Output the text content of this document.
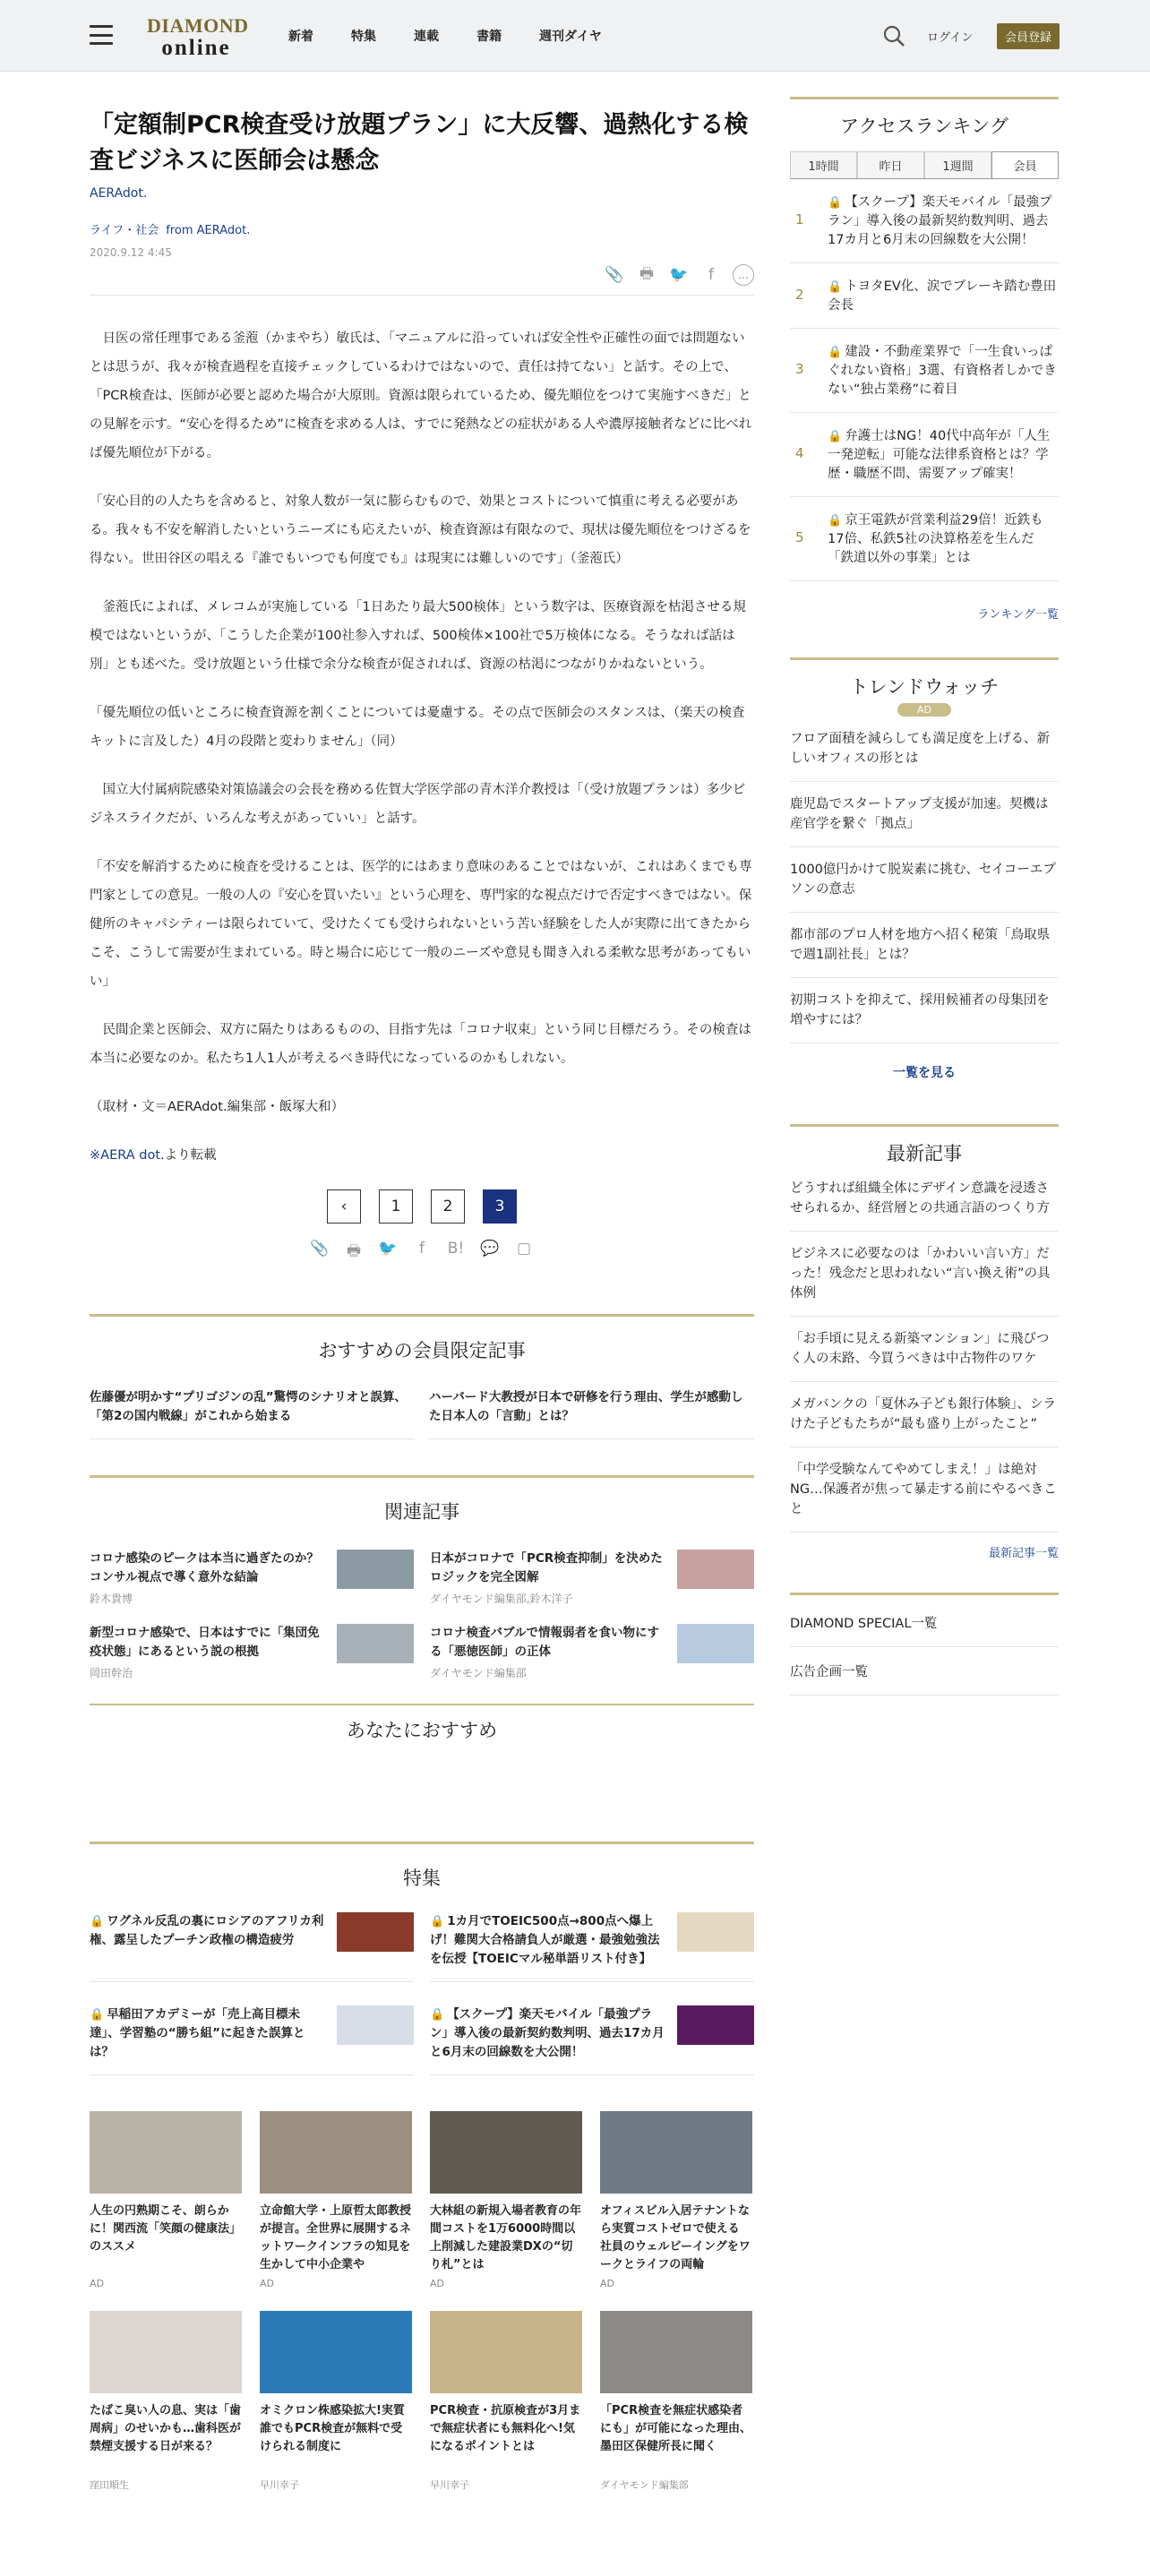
DIAMOND
online	新着	特集	連載	書籍	週刊ダイヤ	ログイン	会員登録
「定額制PCR検査受け放題プラン」に大反響、過熱化する検査ビジネスに医師会は懸念
AERAdot.
ライフ・社会 from AERAdot.
2020.9.12 4:45
📎 🖶 🐦	f	…

日医の常任理事である釜萢（かまやち）敏氏は、「マニュアルに沿っていれば安全性や正確性の面では問題ないとは思うが、我々が検査過程を直接チェックしているわけではないので、責任は持てない」と話す。その上で、「PCR検査は、医師が必要と認めた場合が大原則。資源は限られているため、優先順位をつけて実施すべきだ」との見解を示す。“安心を得るため”に検査を求める人は、すでに発熱などの症状がある人や濃厚接触者などに比べれば優先順位が下がる。

「安心目的の人たちを含めると、対象人数が一気に膨らむもので、効果とコストについて慎重に考える必要がある。我々も不安を解消したいというニーズにも応えたいが、検査資源は有限なので、現状は優先順位をつけざるを得ない。世田谷区の唱える『誰でもいつでも何度でも』は現実には難しいのです」（釜萢氏）

釜萢氏によれば、メレコムが実施している「1日あたり最大500検体」という数字は、医療資源を枯渇させる規模ではないというが、「こうした企業が100社参入すれば、500検体×100社で5万検体になる。そうなれば話は別」とも述べた。受け放題という仕様で余分な検査が促されれば、資源の枯渇につながりかねないという。

「優先順位の低いところに検査資源を割くことについては憂慮する。その点で医師会のスタンスは、（楽天の検査キットに言及した）4月の段階と変わりません」（同）

国立大付属病院感染対策協議会の会長を務める佐賀大学医学部の青木洋介教授は「（受け放題プランは）多少ビジネスライクだが、いろんな考えがあっていい」と話す。

「不安を解消するために検査を受けることは、医学的にはあまり意味のあることではないが、これはあくまでも専門家としての意見。一般の人の『安心を買いたい』という心理を、専門家的な視点だけで否定すべきではない。保健所のキャパシティーは限られていて、受けたくても受けられないという苦い経験をした人が実際に出てきたからこそ、こうして需要が生まれている。時と場合に応じて一般のニーズや意見も聞き入れる柔軟な思考があってもいい」

民間企業と医師会、双方に隔たりはあるものの、目指す先は「コロナ収束」という同じ目標だろう。その検査は本当に必要なのか。私たち1人1人が考えるべき時代になっているのかもしれない。

（取材・文＝AERAdot.編集部・飯塚大和）

※AERA dot.より転載

‹	1	2	3
📎 🖶 🐦	f	B! 💬 ▢
おすすめの会員限定記事
佐藤優が明かす“プリゴジンの乱”驚愕のシナリオと誤算、「第2の国内戦線」がこれから始まる
ハーバード大教授が日本で研修を行う理由、学生が感動した日本人の「言動」とは？
関連記事
コロナ感染のピークは本当に過ぎたのか？コンサル視点で導く意外な結論
鈴木貴博
日本がコロナで「PCR検査抑制」を決めたロジックを完全図解
ダイヤモンド編集部,鈴木洋子
新型コロナ感染で、日本はすでに「集団免疫状態」にあるという説の根拠
岡田幹治
コロナ検査バブルで情報弱者を食い物にする「悪徳医師」の正体
ダイヤモンド編集部
あなたにおすすめ
特集
🔒 ワグネル反乱の裏にロシアのアフリカ利権、露呈したプーチン政権の構造疲労
🔒 1カ月でTOEIC500点→800点へ爆上げ！難関大合格請負人が厳選・最強勉強法を伝授【TOEICマル秘単語リスト付き】
🔒 早稲田アカデミーが「売上高目標未達」、学習塾の“勝ち組”に起きた誤算とは？
🔒 【スクープ】楽天モバイル「最強プラン」導入後の最新契約数判明、過去17カ月と6月末の回線数を大公開！
人生の円熟期こそ、朗らかに！関西流「笑顔の健康法」のススメ
AD
立命館大学・上原哲太郎教授が提言。全世界に展開するネットワークインフラの知見を生かして中小企業や
AD
大林組の新規入場者教育の年間コストを1万6000時間以上削減した建設業DXの“切り札”とは
AD
オフィスビル入居テナントなら実質コストゼロで使える 社員のウェルビーイングをワークとライフの両輪
AD
たばこ臭い人の息、実は「歯周病」のせいかも…歯科医が禁煙支援する日が来る？
窪田順生
オミクロン株感染拡大!実質誰でもPCR検査が無料で受けられる制度に
早川幸子
PCR検査・抗原検査が3月まで無症状者にも無料化へ!気になるポイントとは
早川幸子
「PCR検査を無症状感染者にも」が可能になった理由、墨田区保健所長に聞く
ダイヤモンド編集部
アクセスランキング
1時間	昨日	1週間	会員
1
🔒 【スクープ】楽天モバイル「最強プラン」導入後の最新契約数判明、過去17カ月と6月末の回線数を大公開！
2	🔒 トヨタEV化、涙でブレーキ踏む豊田会長
3
🔒 建設・不動産業界で「一生食いっぱぐれない資格」3選、有資格者しかできない“独占業務”に着目
4
🔒 弁護士はNG！40代中高年が「人生一発逆転」可能な法律系資格とは？学歴・職歴不問、需要アップ確実！
5
🔒 京王電鉄が営業利益29倍！近鉄も17倍、私鉄5社の決算格差を生んだ「鉄道以外の事業」とは
ランキング一覧
トレンドウォッチ
AD
フロア面積を減らしても満足度を上げる、新しいオフィスの形とは
鹿児島でスタートアップ支援が加速。契機は産官学を繋ぐ「拠点」
1000億円かけて脱炭素に挑む、セイコーエプソンの意志
都市部のプロ人材を地方へ招く秘策「鳥取県で週1副社長」とは？
初期コストを抑えて、採用候補者の母集団を増やすには？
一覧を見る
最新記事
どうすれば組織全体にデザイン意識を浸透させられるか、経営層との共通言語のつくり方
ビジネスに必要なのは「かわいい言い方」だった！残念だと思われない“言い換え術”の具体例
「お手頃に見える新築マンション」に飛びつく人の末路、今買うべきは中古物件のワケ
メガバンクの「夏休み子ども銀行体験」、シラけた子どもたちが“最も盛り上がったこと”
「中学受験なんてやめてしまえ！」は絶対NG…保護者が焦って暴走する前にやるべきこと
最新記事一覧
DIAMOND SPECIAL一覧
広告企画一覧
